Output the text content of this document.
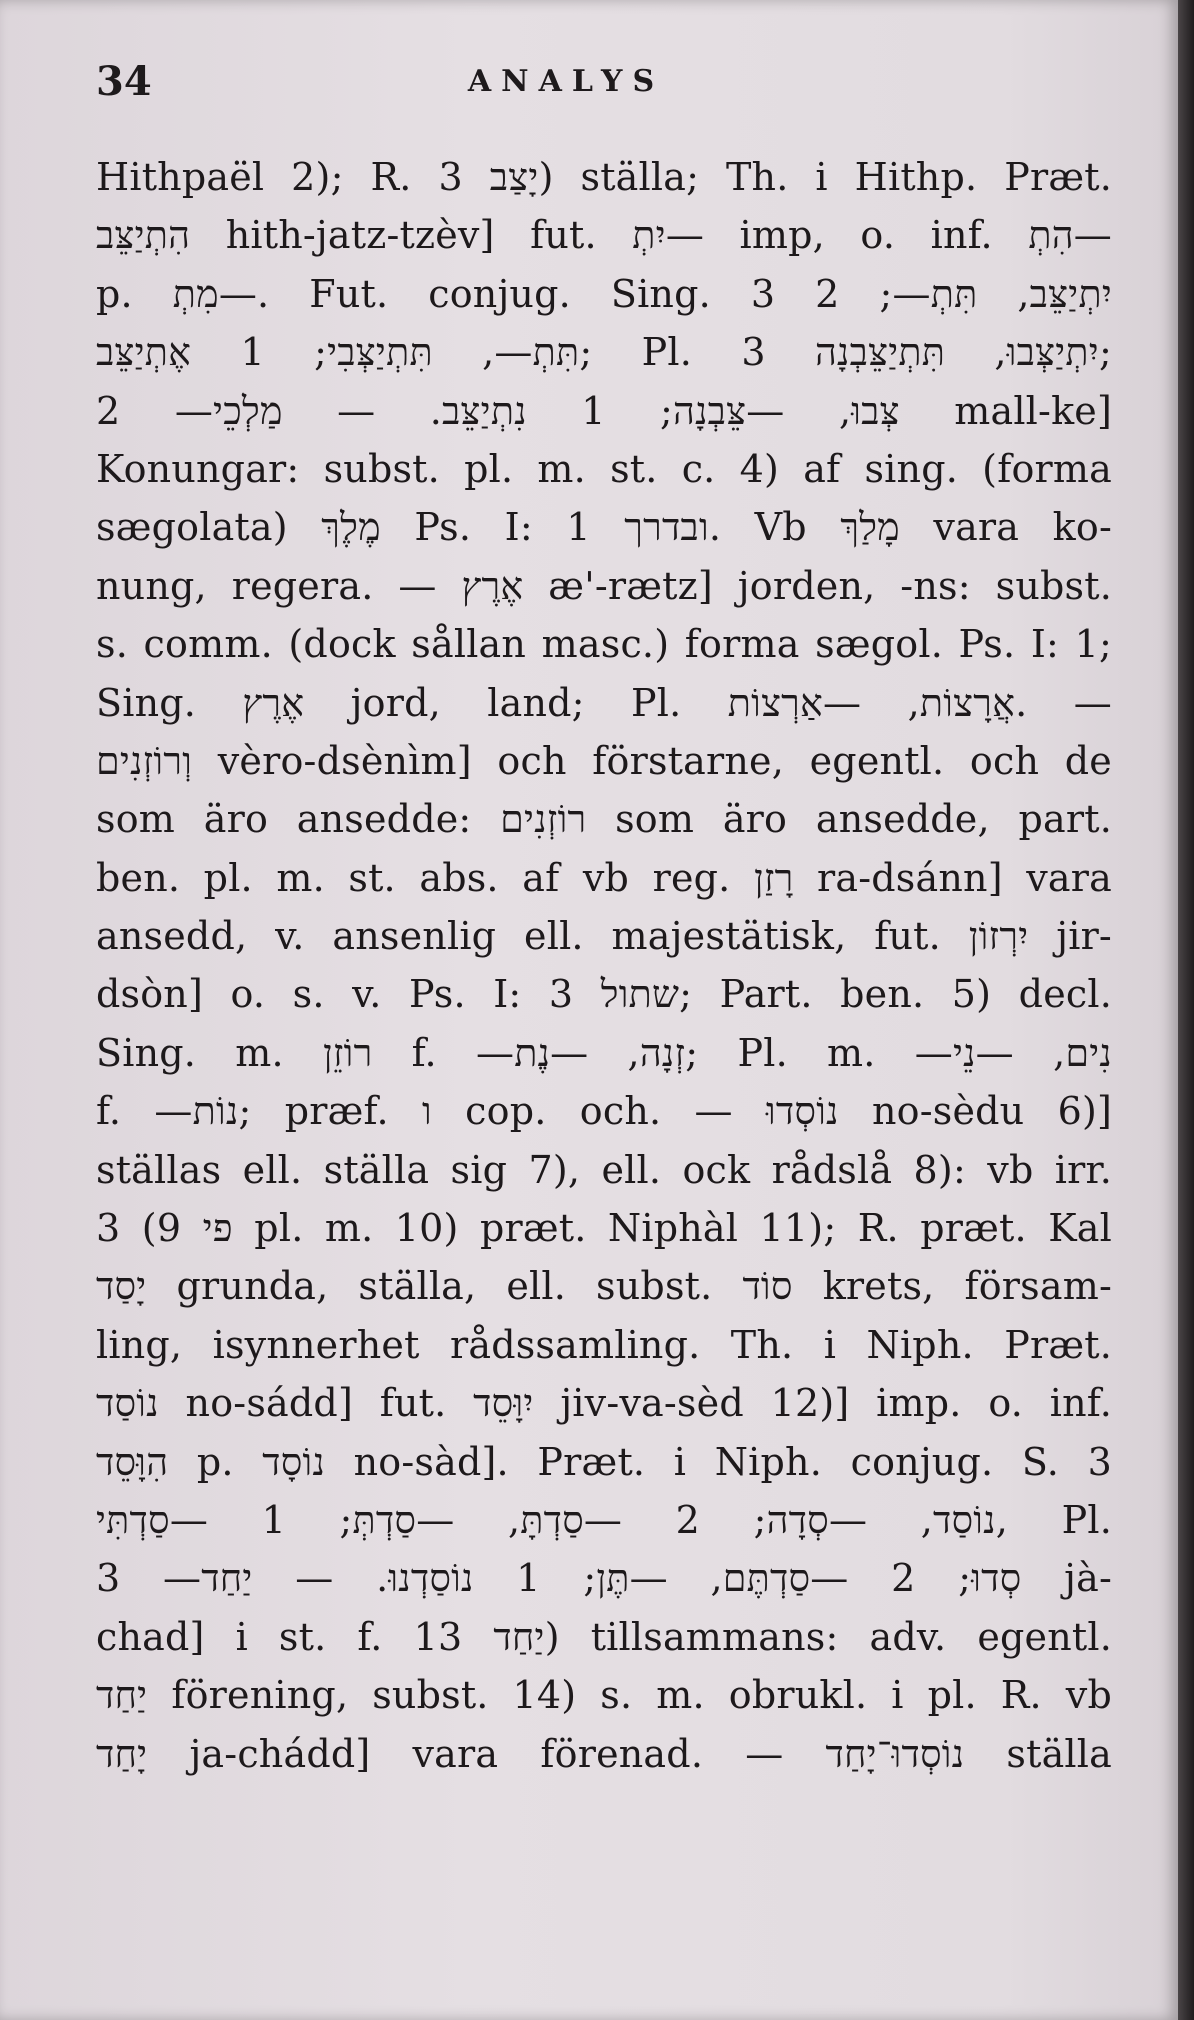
34	ANALYS
Hithpaël 2); R. יָצַב 3) ställa; Th. i Hithp. Præt.
הִתְיַצֵּב hith-jatz-tzèv] fut. יִתְ— imp, o. inf. הִתְ—
p. מִתְ—. Fut. conjug. Sing. 3 יִתְיַצֵּב, תִּתְ—; 2
תִּתְ—, תִּתְיַצְּבִי; 1 אֶתְיַצֵּב; Pl. 3 יִתְיַצְּבוּ, תִּתְיַצֵּבְנָה;
2 —צְּבוּ, —צֵּבְנָה; 1 נִתְיַצֵּב. — מַלְכֵי mall-ke]
Konungar: subst. pl. m. st. c. 4) af sing. (forma
sægolata) מֶלֶךְ Ps. I: 1 ובדרך. Vb מָלַךְ vara ko-
nung, regera. — אֶרֶץ æ'-rætz] jorden, -ns: subst.
s. comm. (dock sållan masc.) forma sægol. Ps. I: 1;
Sing. אֶרֶץ jord, land; Pl. אֲרָצוֹת, —אַרְצוֹת. —
וְרוֹזְנִים vèro-dsènìm] och förstarne, egentl. och de
som äro ansedde: רוֹזְנִים som äro ansedde, part.
ben. pl. m. st. abs. af vb reg. רָזַן ra-dsánn] vara
ansedd, v. ansenlig ell. majestätisk, fut. יִרְזוֹן jir-
dsòn] o. s. v. Ps. I: 3 שתול; Part. ben. 5) decl.
Sing. m. רוֹזֵן f. —זְנָה, —נֶת; Pl. m. —נִים, —נֵי
f. —נוֹת; præf. ו cop. och. — נוֹסְדוּ no-sèdu 6)]
ställas ell. ställa sig 7), ell. ock rådslå 8): vb irr.
פי 9) 3 pl. m. 10) præt. Niphàl 11); R. præt. Kal
יָסַד grunda, ställa, ell. subst. סוֹד krets, försam-
ling, isynnerhet rådssamling. Th. i Niph. Præt.
נוֹסַד no-sádd] fut. יִוָּסֵד jiv-va-sèd 12)] imp. o. inf.
הִוָּסֵד p. נוֹסָד no-sàd]. Præt. i Niph. conjug. S. 3
נוֹסַד, —סְדָה; 2 —סַדְתָּ, —סַדְתְּ; 1 —סַדְתִּי, Pl.
3 —סְדוּ; 2 —סַדְתֶּם, —תֶּן; 1 נוֹסַדְנוּ. — יַחַד jà-
chad] i st. f. יַחַד 13) tillsammans: adv. egentl.
יַחַד förening, subst. 14) s. m. obrukl. i pl. R. vb
יָחַד ja-chádd] vara förenad. — נוֹסְדוּ־יָחַד ställa
